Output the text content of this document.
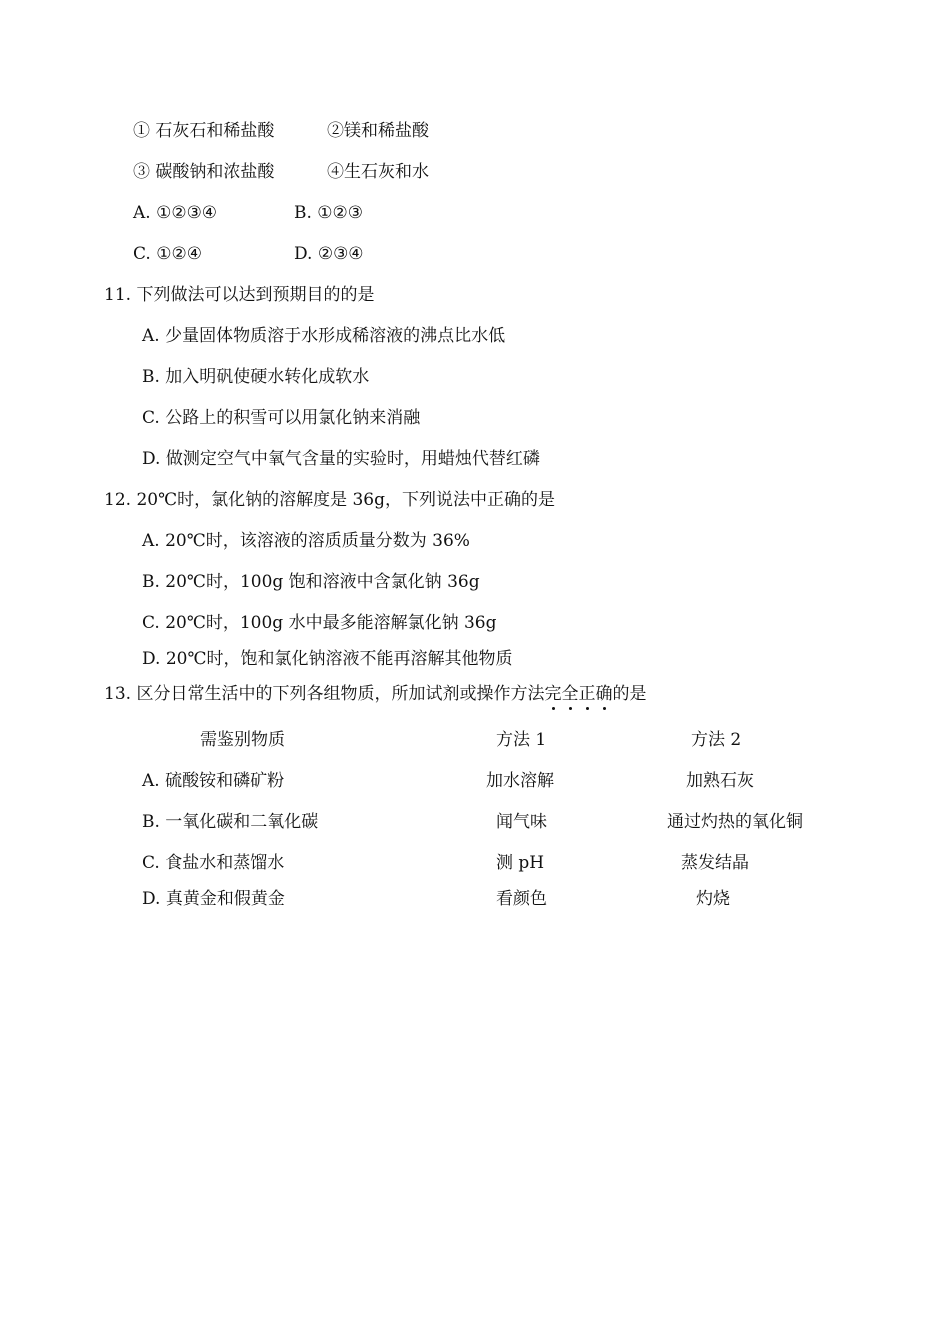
① 石灰石和稀盐酸	②镁和稀盐酸
③ 碳酸钠和浓盐酸	④生石灰和水
A. ①②③④	B. ①②③
C. ①②④	D. ②③④
11. 下列做法可以达到预期目的的是
A. 少量固体物质溶于水形成稀溶液的沸点比水低
B. 加入明矾使硬水转化成软水
C. 公路上的积雪可以用氯化钠来消融
D. 做测定空气中氧气含量的实验时，用蜡烛代替红磷
12. 20℃时，氯化钠的溶解度是 36g，下列说法中正确的是
A. 20℃时，该溶液的溶质质量分数为 36%
B. 20℃时，100g 饱和溶液中含氯化钠 36g
C. 20℃时，100g 水中最多能溶解氯化钠 36g
D. 20℃时，饱和氯化钠溶液不能再溶解其他物质
13. 区分日常生活中的下列各组物质，所加试剂或操作方法完全正确的是
需鉴别物质	方法 1	方法 2
A. 硫酸铵和磷矿粉	加水溶解	加熟石灰
B. 一氧化碳和二氧化碳	闻气味	通过灼热的氧化铜
C. 食盐水和蒸馏水	测 pH	蒸发结晶
D. 真黄金和假黄金	看颜色	灼烧
